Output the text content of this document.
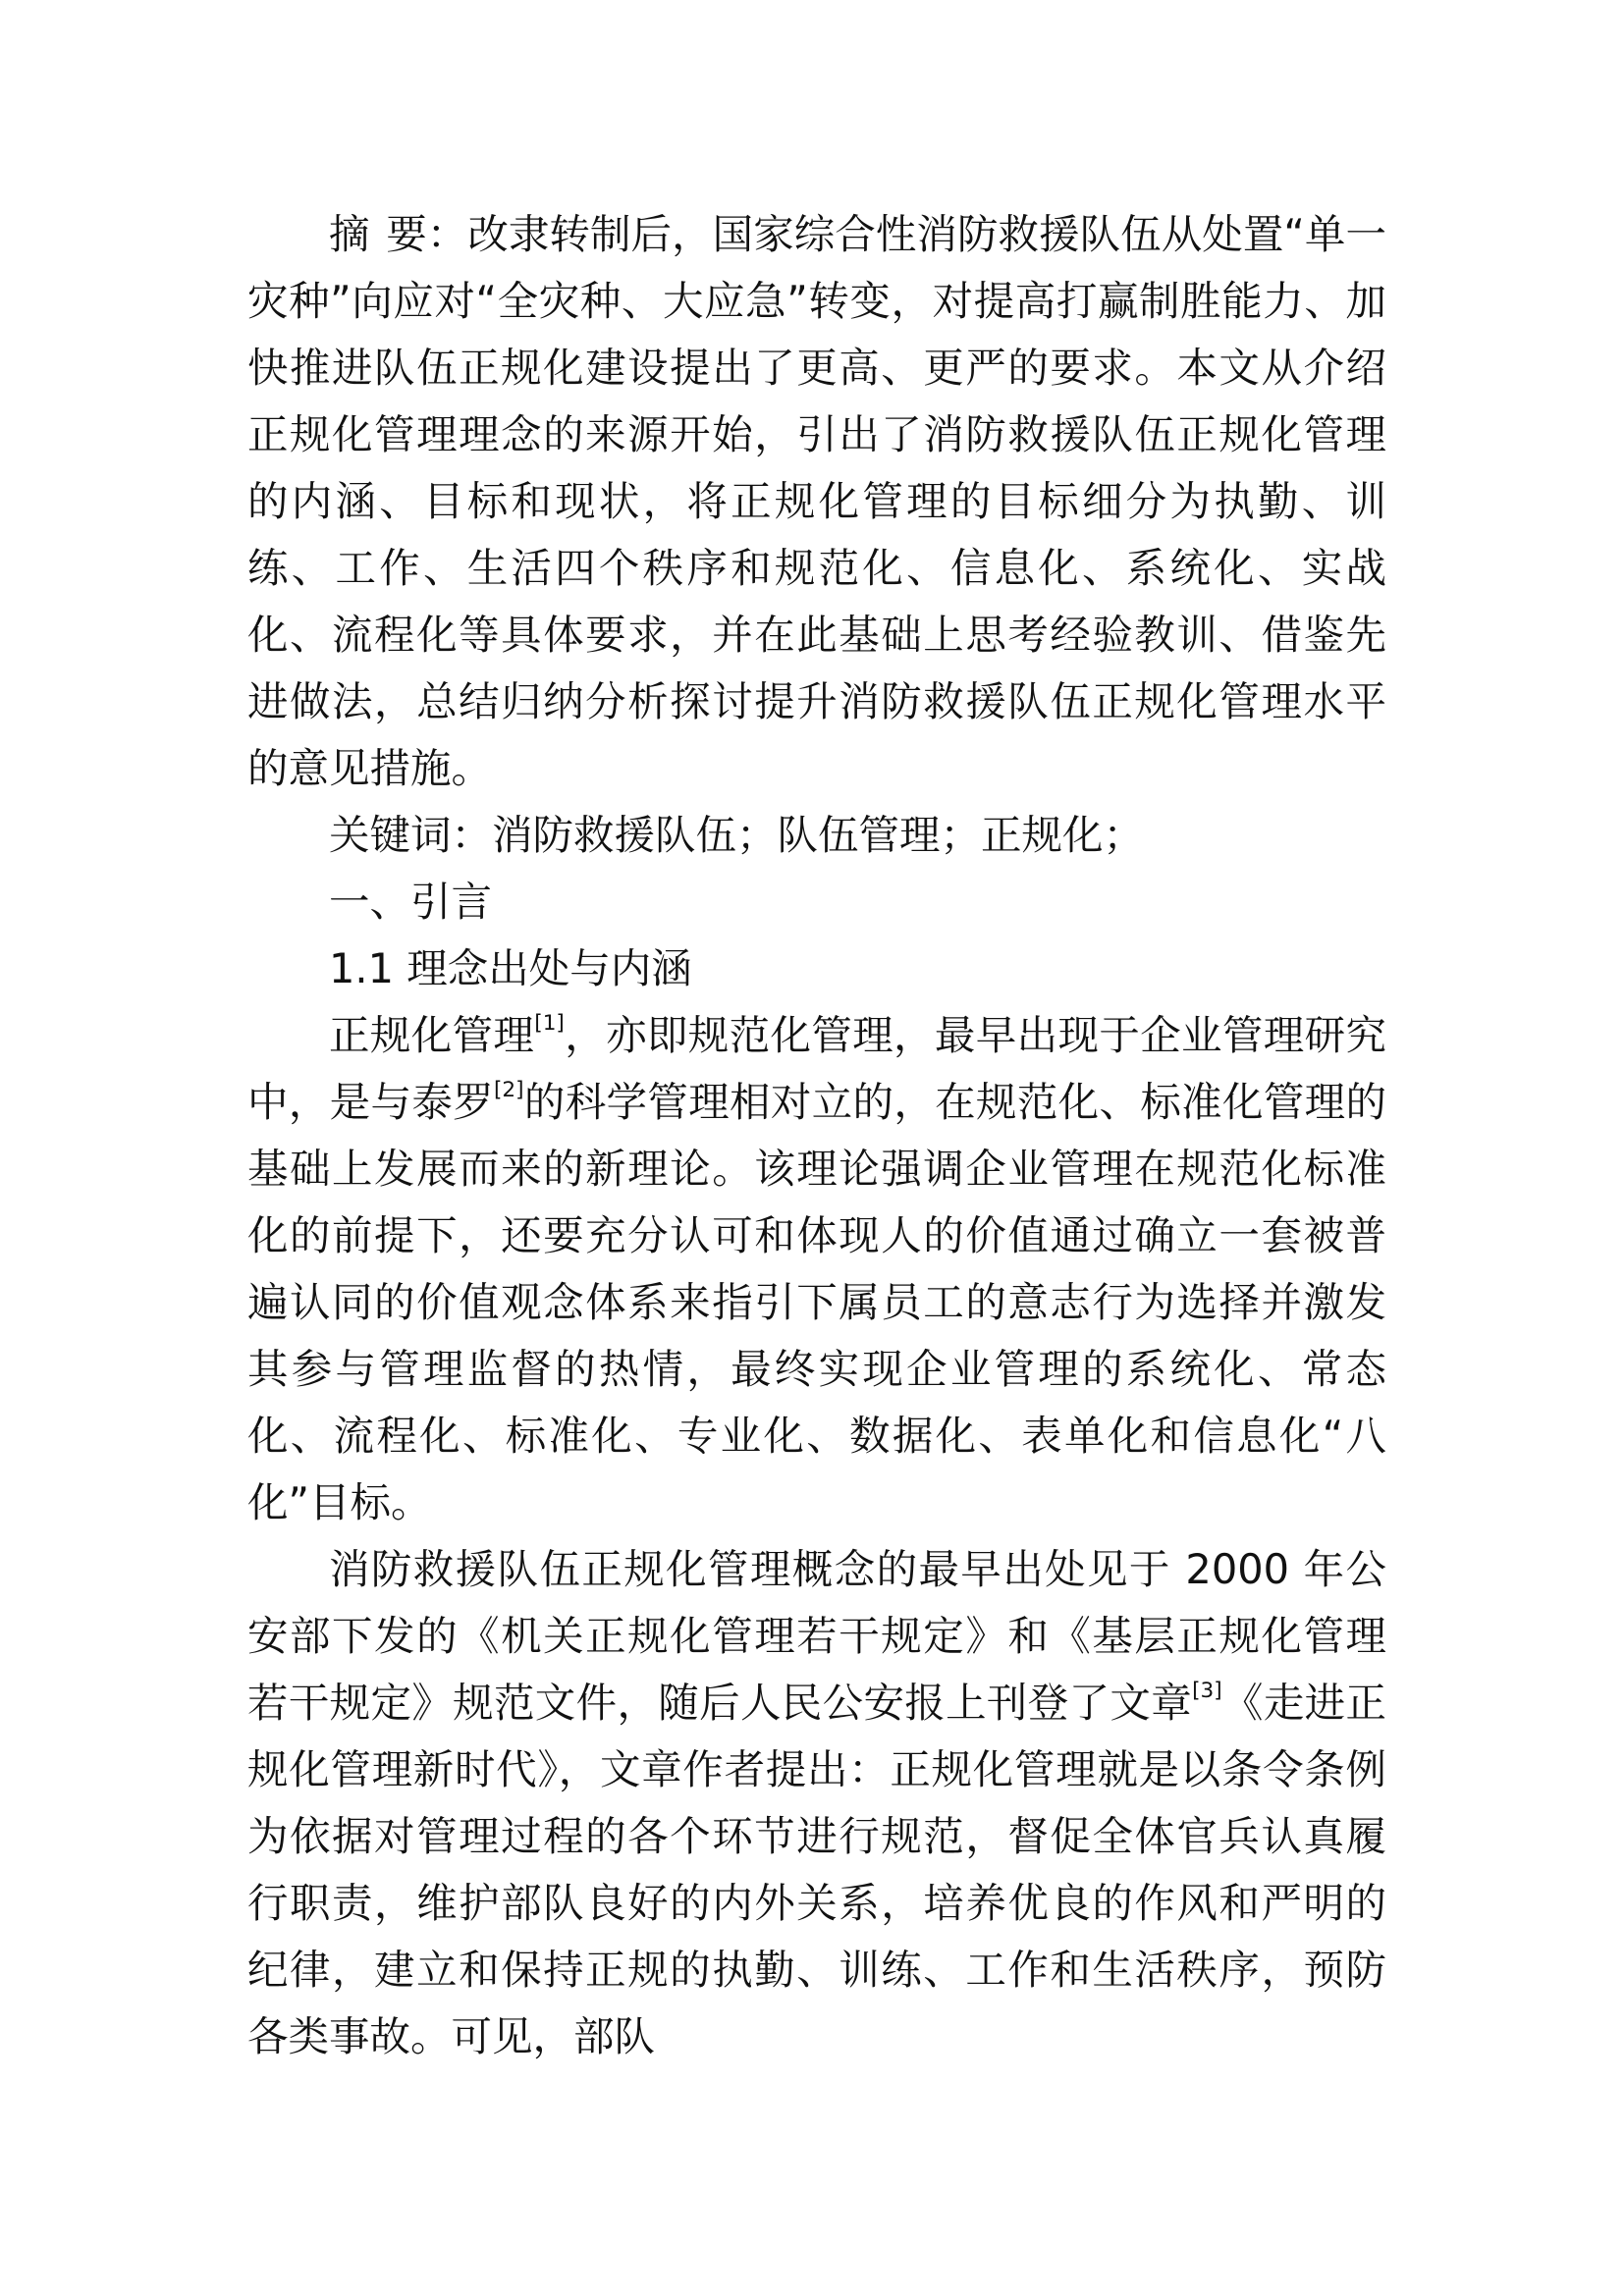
摘 要：改隶转制后，国家综合性消防救援队伍从处置“单一灾种”向应对“全灾种、大应急”转变，对提高打赢制胜能力、加快推进队伍正规化建设提出了更高、更严的要求。本文从介绍正规化管理理念的来源开始，引出了消防救援队伍正规化管理的内涵、目标和现状，将正规化管理的目标细分为执勤、训练、工作、生活四个秩序和规范化、信息化、系统化、实战化、流程化等具体要求，并在此基础上思考经验教训、借鉴先进做法，总结归纳分析探讨提升消防救援队伍正规化管理水平的意见措施。

关键词：消防救援队伍；队伍管理；正规化；

一、引言

1.1 理念出处与内涵

正规化管理[1]，亦即规范化管理，最早出现于企业管理研究中，是与泰罗[2]的科学管理相对立的，在规范化、标准化管理的基础上发展而来的新理论。该理论强调企业管理在规范化标准化的前提下，还要充分认可和体现人的价值通过确立一套被普遍认同的价值观念体系来指引下属员工的意志行为选择并激发其参与管理监督的热情，最终实现企业管理的系统化、常态化、流程化、标准化、专业化、数据化、表单化和信息化“八化”目标。

消防救援队伍正规化管理概念的最早出处见于 2000 年公安部下发的《机关正规化管理若干规定》和《基层正规化管理若干规定》规范文件，随后人民公安报上刊登了文章[3]《走进正规化管理新时代》，文章作者提出：正规化管理就是以条令条例为依据对管理过程的各个环节进行规范，督促全体官兵认真履行职责，维护部队良好的内外关系，培养优良的作风和严明的纪律，建立和保持正规的执勤、训练、工作和生活秩序，预防各类事故。可见，部队
